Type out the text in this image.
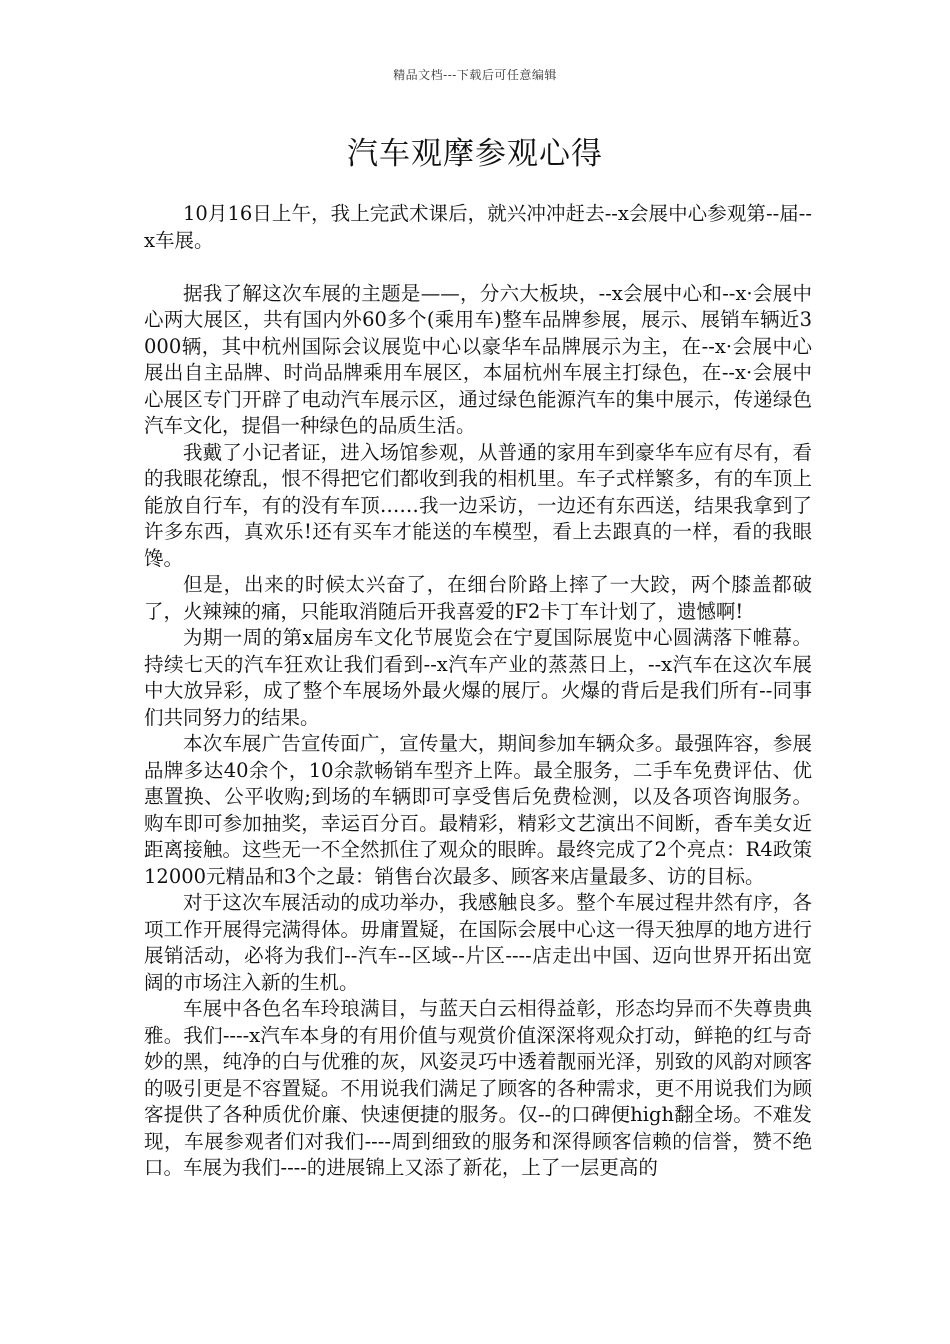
精品文档---下载后可任意编辑
汽车观摩参观心得

10月16日上午，我上完武术课后，就兴冲冲赶去--x会展中心参观第--届--x车展。

据我了解这次车展的主题是——，分六大板块，--x会展中心和--x·会展中心两大展区，共有国内外60多个(乘用车)整车品牌参展，展示、展销车辆近3000辆，其中杭州国际会议展览中心以豪华车品牌展示为主，在--x·会展中心展出自主品牌、时尚品牌乘用车展区，本届杭州车展主打绿色，在--x·会展中心展区专门开辟了电动汽车展示区，通过绿色能源汽车的集中展示，传递绿色汽车文化，提倡一种绿色的品质生活。

我戴了小记者证，进入场馆参观，从普通的家用车到豪华车应有尽有，看的我眼花缭乱，恨不得把它们都收到我的相机里。车子式样繁多，有的车顶上能放自行车，有的没有车顶……我一边采访，一边还有东西送，结果我拿到了许多东西，真欢乐!还有买车才能送的车模型，看上去跟真的一样，看的我眼馋。

但是，出来的时候太兴奋了，在细台阶路上摔了一大跤，两个膝盖都破了，火辣辣的痛，只能取消随后开我喜爱的F2卡丁车计划了，遗憾啊!

为期一周的第x届房车文化节展览会在宁夏国际展览中心圆满落下帷幕。持续七天的汽车狂欢让我们看到--x汽车产业的蒸蒸日上，--x汽车在这次车展中大放异彩，成了整个车展场外最火爆的展厅。火爆的背后是我们所有--同事们共同努力的结果。

本次车展广告宣传面广，宣传量大，期间参加车辆众多。最强阵容，参展品牌多达40余个，10余款畅销车型齐上阵。最全服务，二手车免费评估、优惠置换、公平收购;到场的车辆即可享受售后免费检测，以及各项咨询服务。购车即可参加抽奖，幸运百分百。最精彩，精彩文艺演出不间断，香车美女近距离接触。这些无一不全然抓住了观众的眼眸。最终完成了2个亮点：R4政策12000元精品和3个之最：销售台次最多、顾客来店量最多、访的目标。

对于这次车展活动的成功举办，我感触良多。整个车展过程井然有序，各项工作开展得完满得体。毋庸置疑，在国际会展中心这一得天独厚的地方进行展销活动，必将为我们--汽车--区域--片区----店走出中国、迈向世界开拓出宽阔的市场注入新的生机。

车展中各色名车玲琅满目，与蓝天白云相得益彰，形态均异而不失尊贵典雅。我们----x汽车本身的有用价值与观赏价值深深将观众打动，鲜艳的红与奇妙的黑，纯净的白与优雅的灰，风姿灵巧中透着靓丽光泽，别致的风韵对顾客的吸引更是不容置疑。不用说我们满足了顾客的各种需求，更不用说我们为顾客提供了各种质优价廉、快速便捷的服务。仅--的口碑便high翻全场。不难发现，车展参观者们对我们----周到细致的服务和深得顾客信赖的信誉，赞不绝口。车展为我们----的进展锦上又添了新花，上了一层更高的
